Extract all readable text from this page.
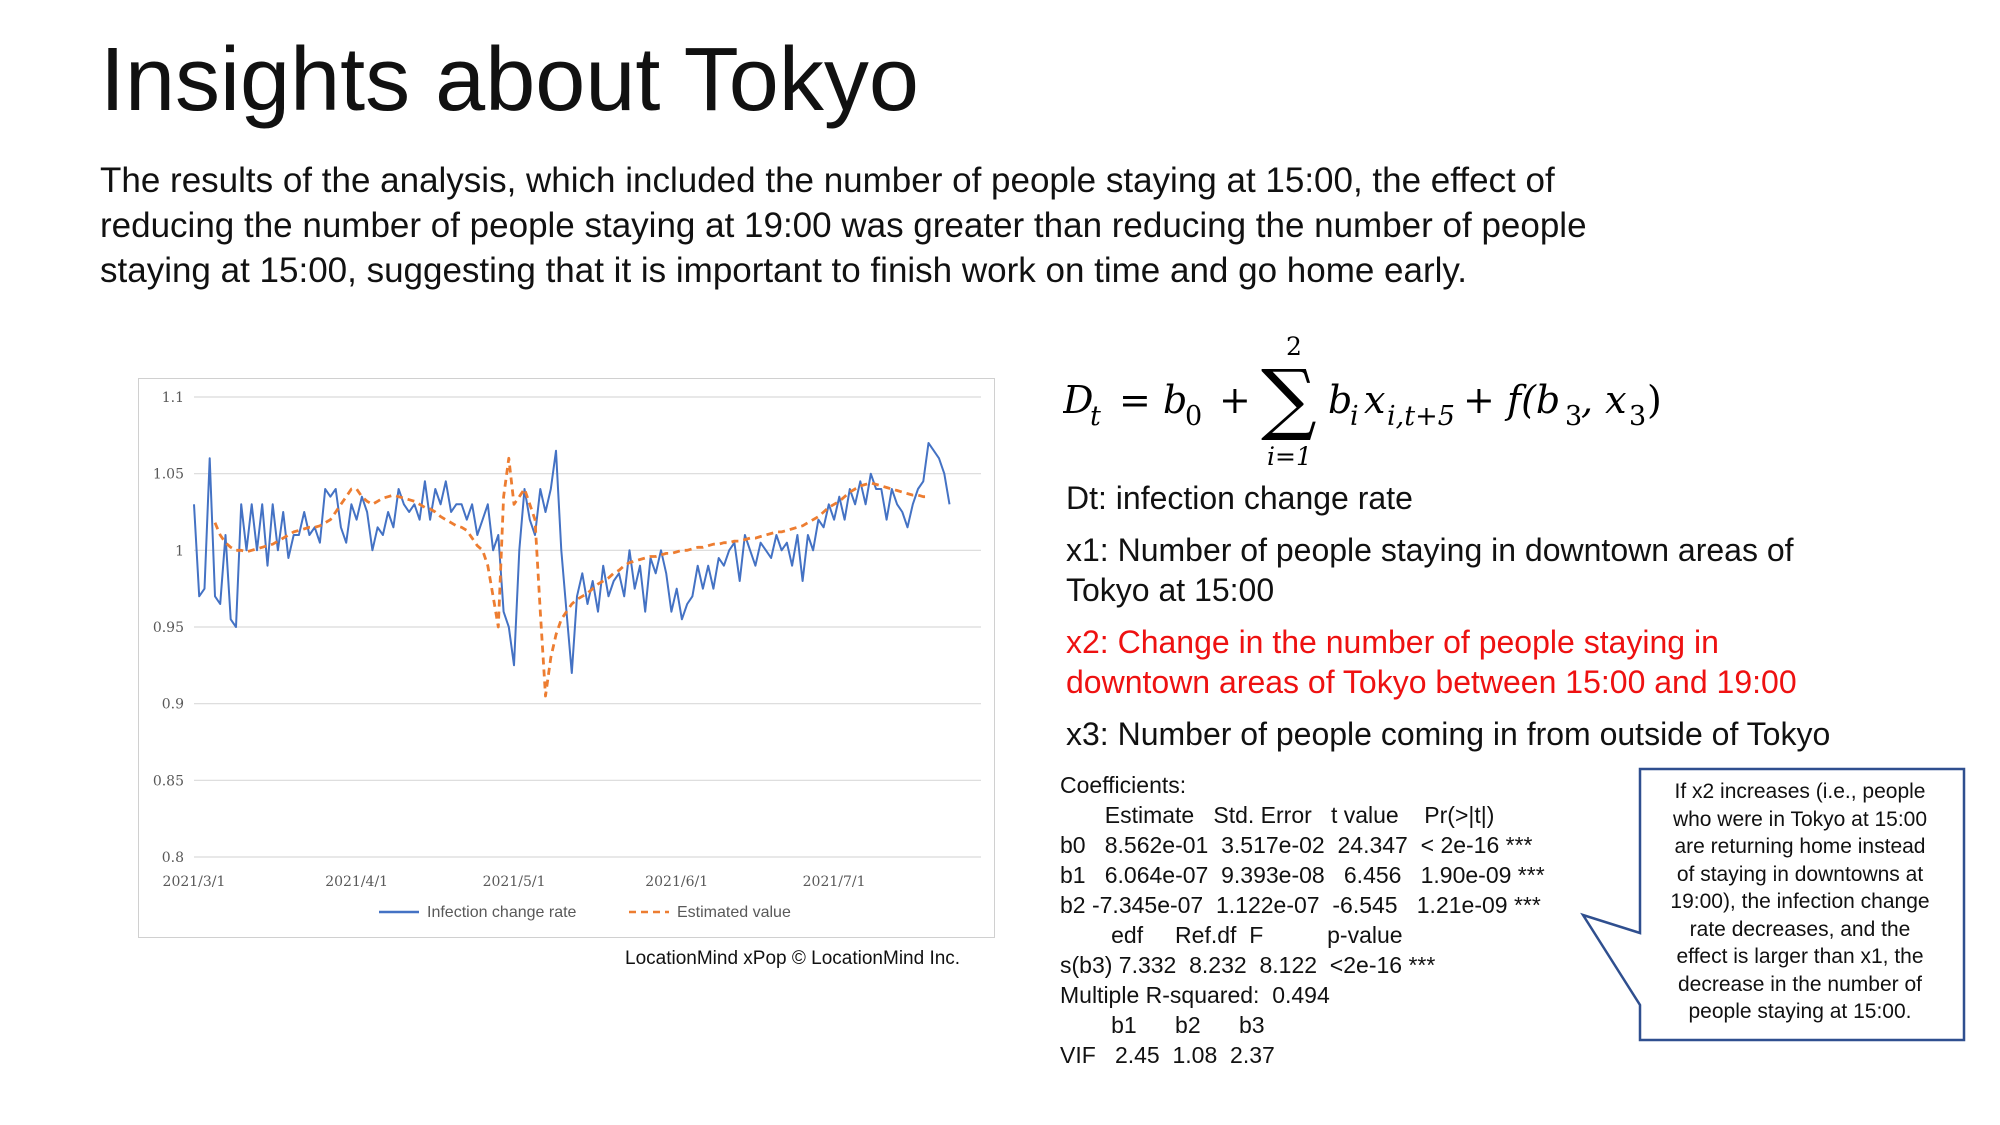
Insights about Tokyo
The results of the analysis, which included the number of people staying at 15:00, the effect of
reducing the number of people staying at 19:00 was greater than reducing the number of people
staying at 15:00, suggesting that it is important to finish work on time and go home early.
1.1
1.05
1
0.95
0.9
0.85
0.8
2021/3/1	2021/4/1	2021/5/1	2021/6/1	2021/7/1
Infection change rate	Estimated value
LocationMind xPop © LocationMind Inc.
D
t = b
0 +
2
∑
i=1
b
i x i,t+5 + f(b 3
, x 3 )
Dt: infection change rate
x1: Number of people staying in downtown areas of
Tokyo at 15:00
x2: Change in the number of people staying in
downtown areas of Tokyo between 15:00 and 19:00
x3: Number of people coming in from outside of Tokyo
Coefficients:
Estimate   Std. Error   t value    Pr(>|t|)
b0   8.562e-01  3.517e-02  24.347  < 2e-16 ***
b1   6.064e-07  9.393e-08   6.456   1.90e-09 ***
b2 -7.345e-07  1.122e-07  -6.545   1.21e-09 ***
edf     Ref.df  F          p-value
s(b3) 7.332  8.232  8.122  <2e-16 ***
Multiple R-squared:  0.494
b1      b2      b3
VIF   2.45  1.08  2.37
If x2 increases (i.e., people
who were in Tokyo at 15:00
are returning home instead
of staying in downtowns at
19:00), the infection change
rate decreases, and the
effect is larger than x1, the
decrease in the number of
people staying at 15:00.
